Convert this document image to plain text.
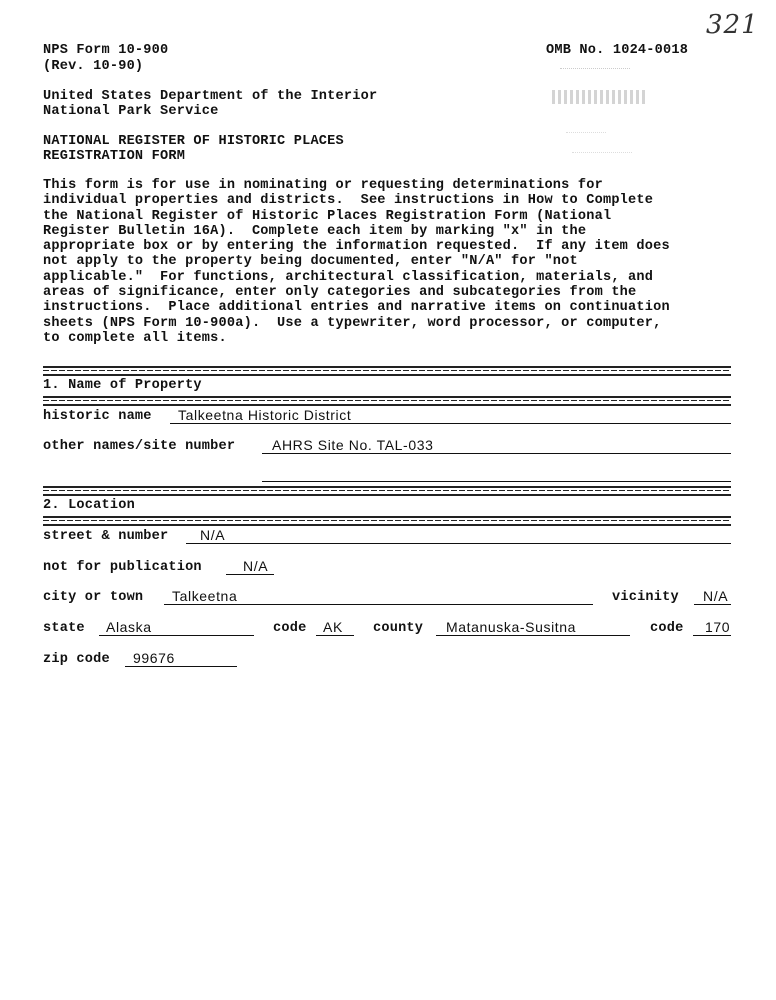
321
NPS Form 10-900
(Rev. 10-90)
OMB No. 1024-0018
United States Department of the Interior
National Park Service
NATIONAL REGISTER OF HISTORIC PLACES
REGISTRATION FORM
This form is for use in nominating or requesting determinations for
individual properties and districts.  See instructions in How to Complete
the National Register of Historic Places Registration Form (National
Register Bulletin 16A).  Complete each item by marking "x" in the
appropriate box or by entering the information requested.  If any item does
not apply to the property being documented, enter "N/A" for "not
applicable."  For functions, architectural classification, materials, and
areas of significance, enter only categories and subcategories from the
instructions.  Place additional entries and narrative items on continuation
sheets (NPS Form 10-900a).  Use a typewriter, word processor, or computer,
to complete all items.
1. Name of Property
historic name Talkeetna Historic District
other names/site number	AHRS Site No. TAL-033
2. Location
street & number N/A
not for publication	N/A
city or town Talkeetna	vicinity N/A
state Alaska	code AK county Matanuska-Susitna	code 170
zip code 99676
